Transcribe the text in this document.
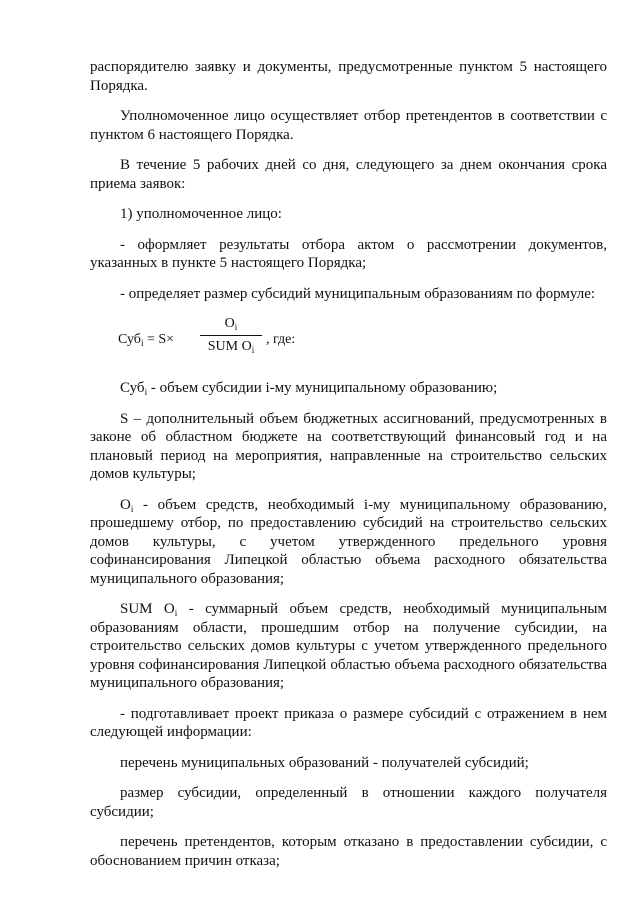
распорядителю заявку и документы, предусмотренные пунктом 5 настоящего Порядка.

Уполномоченное лицо осуществляет отбор претендентов в соответствии с пунктом 6 настоящего Порядка.

В течение 5 рабочих дней со дня, следующего за днем окончания срока приема заявок:

1) уполномоченное лицо:

- оформляет результаты отбора актом о рассмотрении документов, указанных в пункте 5 настоящего Порядка;

- определяет размер субсидий муниципальным образованиям по формуле:

Суб$_i$ = S×
$O_i$
SUM $O_i$
, где:

Суб$_i$ - объем субсидии i-му муниципальному образованию;

S – дополнительный объем бюджетных ассигнований, предусмотренных в законе об областном бюджете на соответствующий финансовый год и на плановый период на мероприятия, направленные на строительство сельских домов культуры;

$O_i$ - объем средств, необходимый i-му муниципальному образованию, прошедшему отбор, по предоставлению субсидий на строительство сельских домов культуры, с учетом утвержденного предельного уровня софинансирования Липецкой областью объема расходного обязательства муниципального образования;

SUM $O_i$ - суммарный объем средств, необходимый муниципальным образованиям области, прошедшим отбор на получение субсидии, на строительство сельских домов культуры с учетом утвержденного предельного уровня софинансирования Липецкой областью объема расходного обязательства муниципального образования;

- подготавливает проект приказа о размере субсидий с отражением в нем следующей информации:

перечень муниципальных образований - получателей субсидий;

размер субсидии, определенный в отношении каждого получателя субсидии;

перечень претендентов, которым отказано в предоставлении субсидии, с обоснованием причин отказа;
